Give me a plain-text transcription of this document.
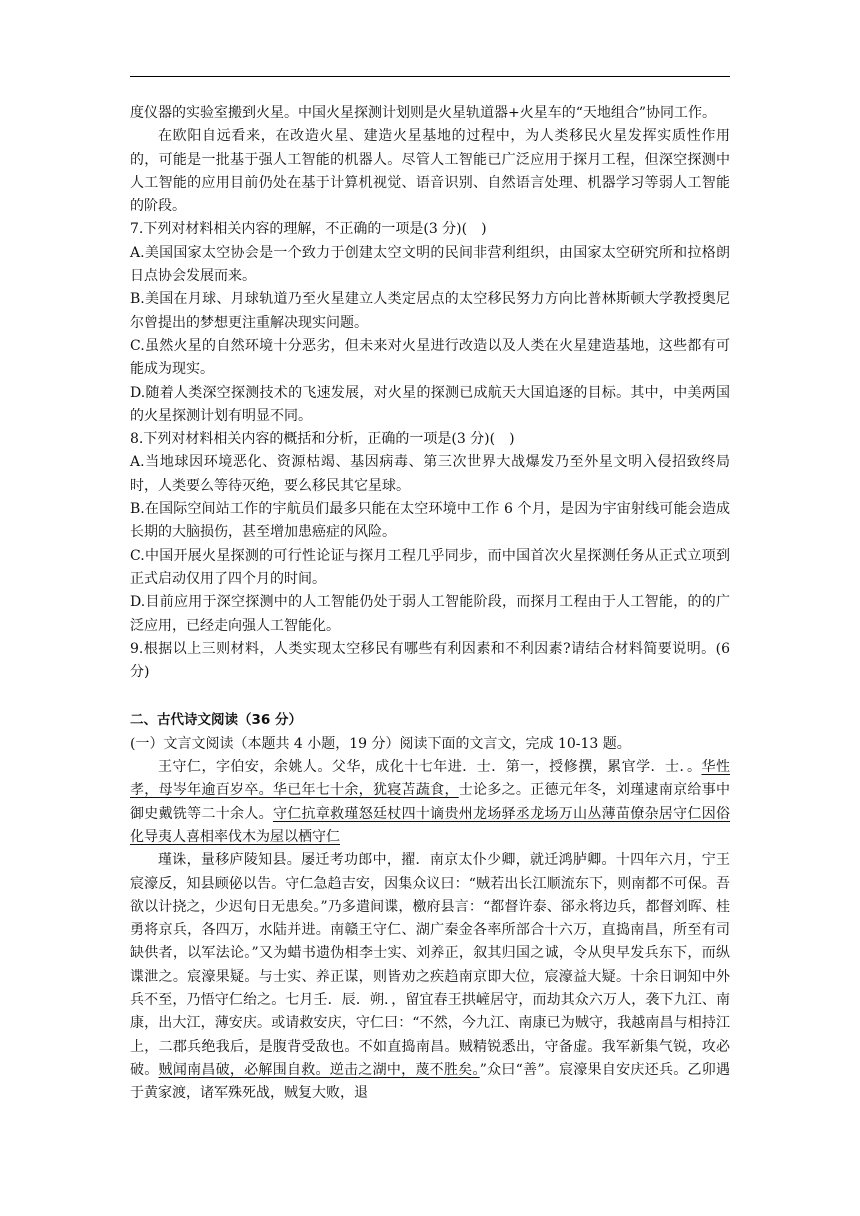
度仪器的实验室搬到火星。中国火星探测计划则是火星轨道器+火星车的“天地组合”协同工作。

在欧阳自远看来，在改造火星、建造火星基地的过程中，为人类移民火星发挥实质性作用的，可能是一批基于强人工智能的机器人。尽管人工智能已广泛应用于探月工程，但深空探测中人工智能的应用目前仍处在基于计算机视觉、语音识别、自然语言处理、机器学习等弱人工智能的阶段。

7.下列对材料相关内容的理解，不正确的一项是(3 分)(　)

A.美国国家太空协会是一个致力于创建太空文明的民间非营利组织，由国家太空研究所和拉格朗日点协会发展而来。

B.美国在月球、月球轨道乃至火星建立人类定居点的太空移民努力方向比普林斯顿大学教授奥尼尔曾提出的梦想更注重解决现实问题。

C.虽然火星的自然环境十分恶劣，但未来对火星进行改造以及人类在火星建造基地，这些都有可能成为现实。

D.随着人类深空探测技术的飞速发展，对火星的探测已成航天大国追逐的目标。其中，中美两国的火星探测计划有明显不同。

8.下列对材料相关内容的概括和分析，正确的一项是(3 分)(　)

A.当地球因环境恶化、资源枯竭、基因病毒、第三次世界大战爆发乃至外星文明入侵招致终局时，人类要么等待灭绝，要么移民其它星球。

B.在国际空间站工作的宇航员们最多只能在太空环境中工作 6 个月，是因为宇宙射线可能会造成长期的大脑损伤，甚至增加患癌症的风险。

C.中国开展火星探测的可行性论证与探月工程几乎同步，而中国首次火星探测任务从正式立项到正式启动仅用了四个月的时间。

D.目前应用于深空探测中的人工智能仍处于弱人工智能阶段，而探月工程由于人工智能，的的广泛应用，已经走向强人工智能化。

9.根据以上三则材料，人类实现太空移民有哪些有利因素和不利因素?请结合材料简要说明。(6 分)

二、古代诗文阅读（36 分）

(一）文言文阅读（本题共 4 小题，19 分）阅读下面的文言文，完成 10-13 题。

王守仁，字伯安，余姚人。父华，成化十七年进．士．第一，授修撰，累官学．士．。华性孝，母岑年逾百岁卒。华已年七十余，犹寝苫蔬食，士论多之。正德元年冬，刘瑾逮南京给事中御史戴铣等二十余人。守仁抗章救瑾怒廷杖四十谪贵州龙场驿丞龙场万山丛薄苗僚杂居守仁因俗化导夷人喜相率伐木为屋以栖守仁

瑾诛，量移庐陵知县。屡迁考功郎中，擢．南京太仆少卿，就迁鸿胪卿。十四年六月，宁王宸濠反，知县顾佖以告。守仁急趋吉安，因集众议曰：“贼若出长江顺流东下，则南都不可保。吾欲以计挠之，少迟旬日无患矣。”乃多遣间谍，檄府县言：“都督许泰、郤永将边兵，都督刘晖、桂勇将京兵，各四万，水陆并进。南赣王守仁、湖广秦金各率所部合十六万，直捣南昌，所至有司缺供者，以军法论。”又为蜡书遗伪相李士实、刘养正，叙其归国之诚，令从臾早发兵东下，而纵谍泄之。宸濠果疑。与士实、养正谋，则皆劝之疾趋南京即大位，宸濠益大疑。十余日诇知中外兵不至，乃悟守仁绐之。七月壬．辰．朔．，留宜春王拱嵼居守，而劫其众六万人，袭下九江、南康，出大江，薄安庆。或请救安庆，守仁曰：“不然，今九江、南康已为贼守，我越南昌与相持江上，二郡兵绝我后，是腹背受敌也。不如直捣南昌。贼精锐悉出，守备虚。我军新集气锐，攻必破。贼闻南昌破，必解围自救。逆击之湖中，蔑不胜矣。”众曰“善”。宸濠果自安庆还兵。乙卯遇于黄家渡，诸军殊死战，贼复大败，退
